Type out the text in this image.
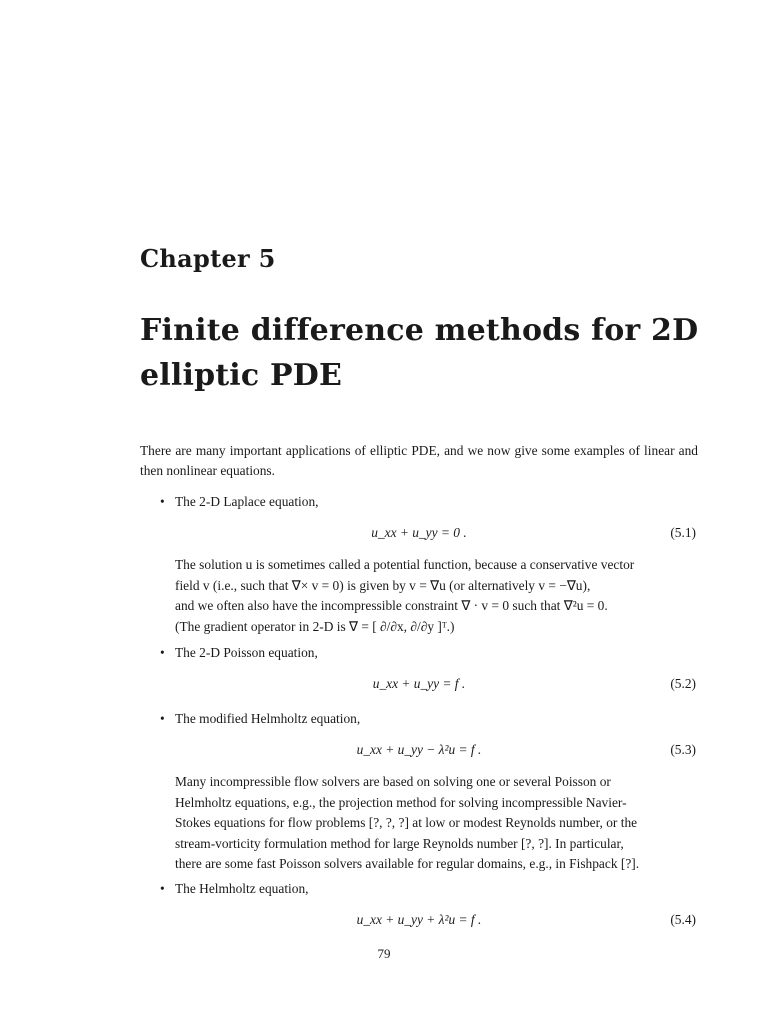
Chapter 5
Finite difference methods for 2D
elliptic PDE
There are many important applications of elliptic PDE, and we now give some examples of linear and then nonlinear equations.
• The 2-D Laplace equation,
u_xx + u_yy = 0 .	(5.1)
The solution u is sometimes called a potential function, because a conservative vector
field v (i.e., such that ∇× v = 0) is given by v = ∇u (or alternatively v = −∇u),
and we often also have the incompressible constraint ∇ · v = 0 such that ∇²u = 0.
(The gradient operator in 2-D is ∇ = [ ∂/∂x, ∂/∂y ]ᵀ.)
• The 2-D Poisson equation,
u_xx + u_yy = f .	(5.2)
• The modified Helmholtz equation,
u_xx + u_yy − λ²u = f .	(5.3)
Many incompressible flow solvers are based on solving one or several Poisson or
Helmholtz equations, e.g., the projection method for solving incompressible Navier-
Stokes equations for flow problems [?, ?, ?] at low or modest Reynolds number, or the
stream-vorticity formulation method for large Reynolds number [?, ?]. In particular,
there are some fast Poisson solvers available for regular domains, e.g., in Fishpack [?].
• The Helmholtz equation,
u_xx + u_yy + λ²u = f .	(5.4)
79
